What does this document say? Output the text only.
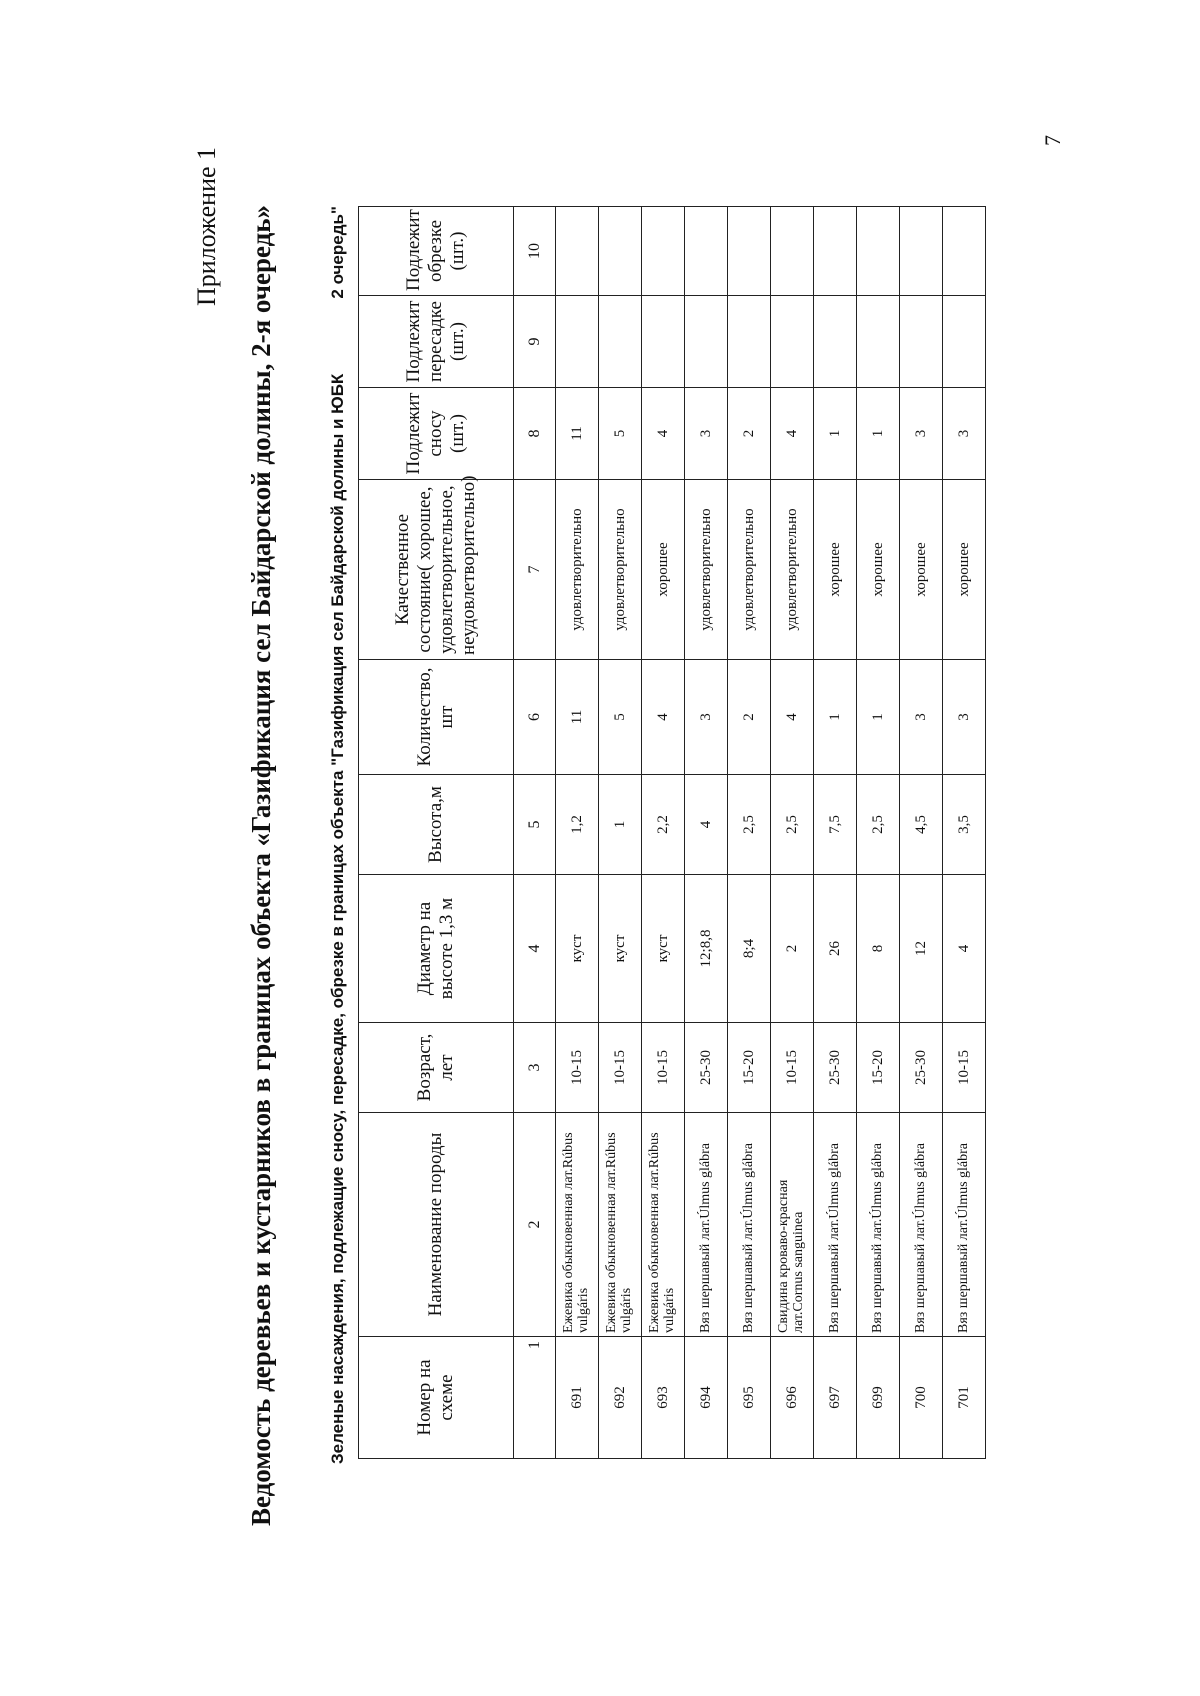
Приложение 1 Ведомость деревьев и кустарников в границах объекта «Газификация сел Байдарской долины, 2-я очередь»	Зеленые насаждения, подлежащие сносу, пересадке, обрезке в границах объекта "Газификация сел Байдарской долины и ЮБК
2 очередь"
Номер на схеме	Наименование породы	Возраст, лет	Диаметр на высоте 1,3 м	Высота,м	Количество, шт	Качественное состояние( хорошее, удовлетворительное, неудовлетворительно)	Подлежит сносу (шт.)	Подлежит пересадке (шт.)	Подлежит обрезке (шт.)
1	2	3	4	5	6	7	8	9	10
691	Ежевика обыкновенная лат.Rúbus vulgáris	10-15	куст	1,2	11	удовлетворительно	11		
692	Ежевика обыкновенная лат.Rúbus vulgáris	10-15	куст	1	5	удовлетворительно	5		
693	Ежевика обыкновенная лат.Rúbus vulgáris	10-15	куст	2,2	4	хорошее	4		
694	Вяз шершавый лат.Úlmus glábra	25-30	12;8,8	4	3	удовлетворительно	3		
695	Вяз шершавый лат.Úlmus glábra	15-20	8;4	2,5	2	удовлетворительно	2		
696	Свидина кроваво-красная лат.Cornus sanguinea	10-15	2	2,5	4	удовлетворительно	4		
697	Вяз шершавый лат.Úlmus glábra	25-30	26	7,5	1	хорошее	1		
699	Вяз шершавый лат.Úlmus glábra	15-20	8	2,5	1	хорошее	1		
700	Вяз шершавый лат.Úlmus glábra	25-30	12	4,5	3	хорошее	3		
701	Вяз шершавый лат.Úlmus glábra	10-15	4	3,5	3	хорошее	3		
7
